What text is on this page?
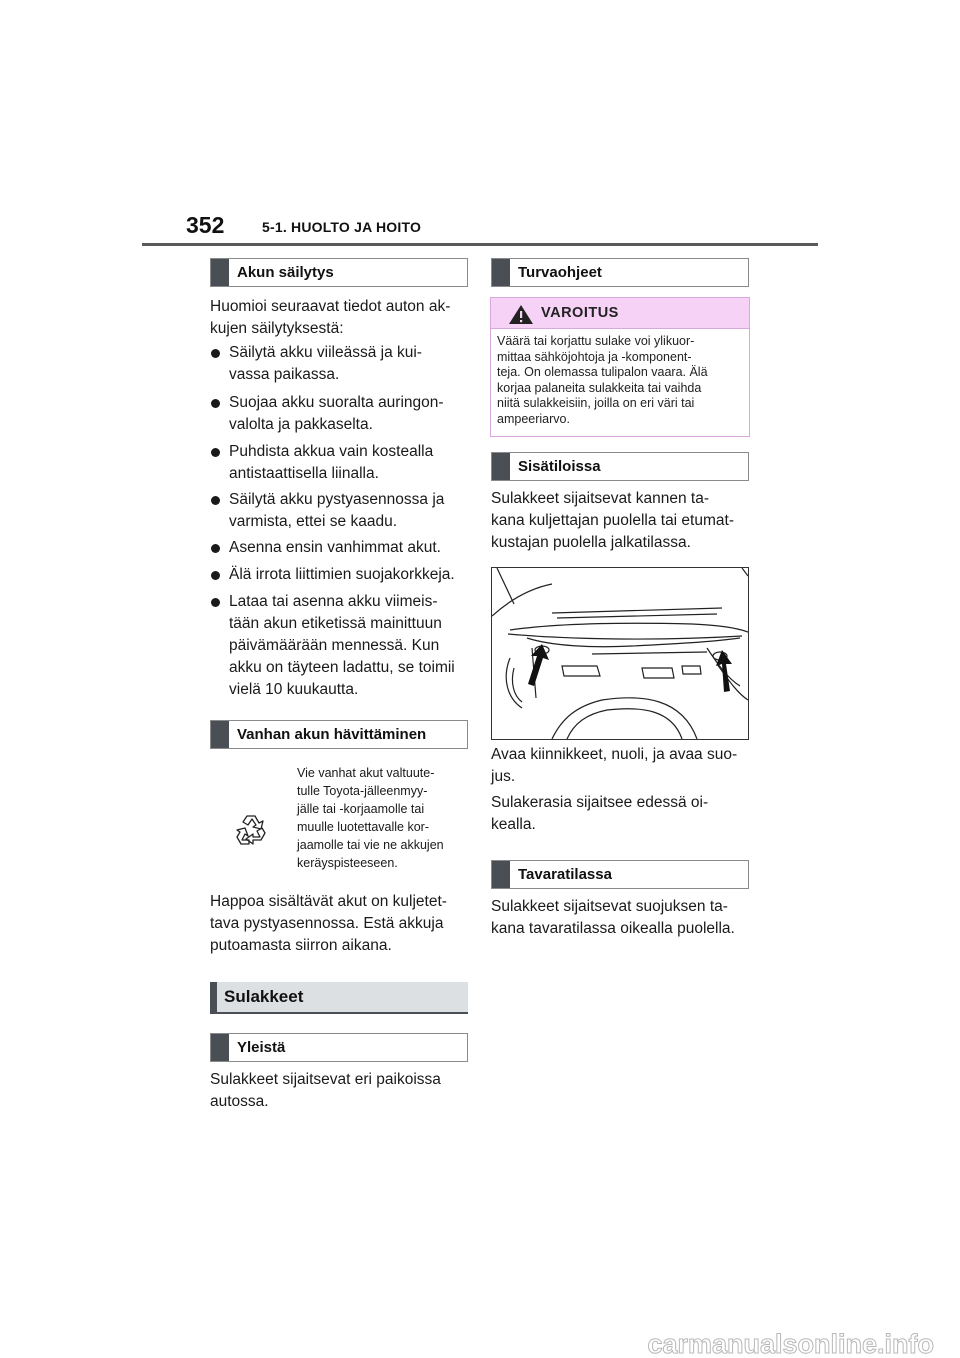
352	5-1. HUOLTO JA HOITO
Akun säilytys
Huomioi seuraavat tiedot auton ak-
kujen säilytyksestä:
Säilytä akku viileässä ja kui-
vassa paikassa.
Suojaa akku suoralta auringon-
valolta ja pakkaselta.
Puhdista akkua vain kostealla
antistaattisella liinalla.
Säilytä akku pystyasennossa ja
varmista, ettei se kaadu.
Asenna ensin vanhimmat akut.
Älä irrota liittimien suojakorkkeja.
Lataa tai asenna akku viimeis-
tään akun etiketissä mainittuun
päivämäärään mennessä. Kun
akku on täyteen ladattu, se toimii
vielä 10 kuukautta.
Vanhan akun hävittäminen
Vie vanhat akut valtuute-
tulle Toyota-jälleenmyy-
jälle tai -korjaamolle tai
muulle luotettavalle kor-
jaamolle tai vie ne akkujen
keräyspisteeseen.
Happoa sisältävät akut on kuljetet-
tava pystyasennossa. Estä akkuja
putoamasta siirron aikana.
Sulakkeet
Yleistä
Sulakkeet sijaitsevat eri paikoissa
autossa.
Turvaohjeet
VAROITUS
Väärä tai korjattu sulake voi ylikuor-
mittaa sähköjohtoja ja -komponent-
teja. On olemassa tulipalon vaara. Älä
korjaa palaneita sulakkeita tai vaihda
niitä sulakkeisiin, joilla on eri väri tai
ampeeriarvo.
Sisätiloissa
Sulakkeet sijaitsevat kannen ta-
kana kuljettajan puolella tai etumat-
kustajan puolella jalkatilassa.
Avaa kiinnikkeet, nuoli, ja avaa suo-
jus.
Sulakerasia sijaitsee edessä oi-
kealla.
Tavaratilassa
Sulakkeet sijaitsevat suojuksen ta-
kana tavaratilassa oikealla puolella.
carmanualsonline.info
